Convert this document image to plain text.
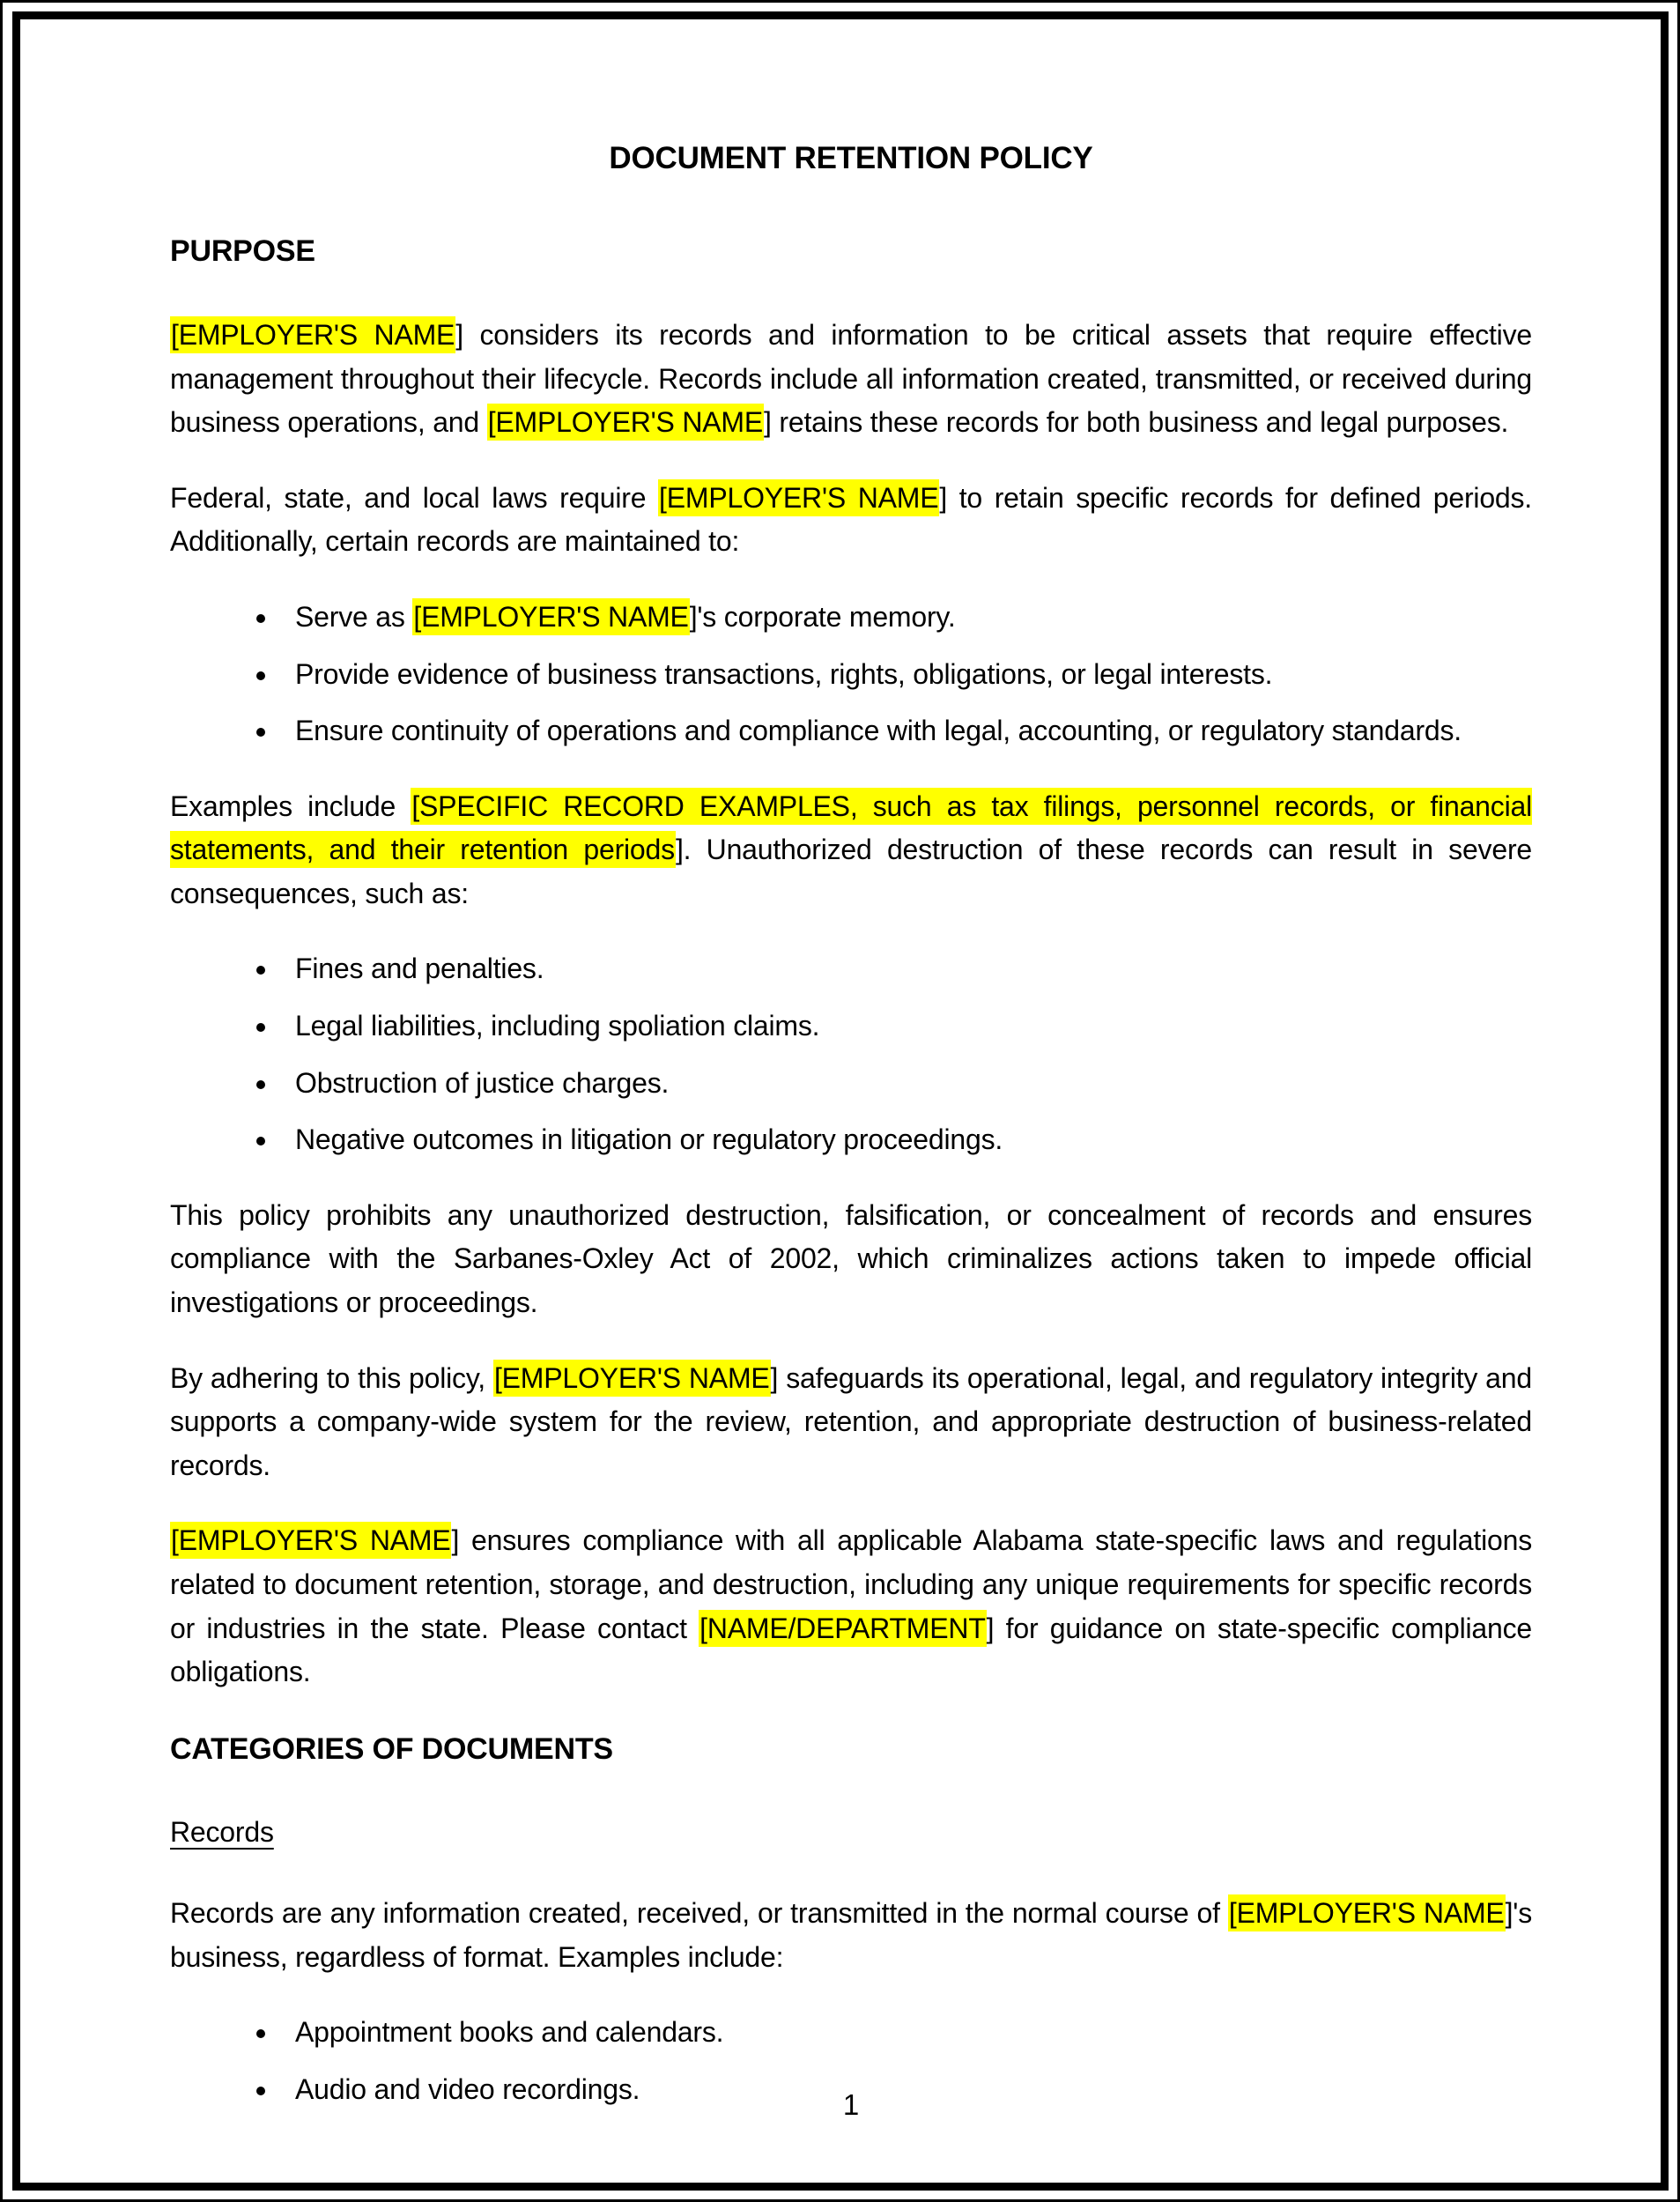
DOCUMENT RETENTION POLICY
PURPOSE
[EMPLOYER'S NAME] considers its records and information to be critical assets that require effective management throughout their lifecycle. Records include all information created, transmitted, or received during business operations, and [EMPLOYER'S NAME] retains these records for both business and legal purposes.
Federal, state, and local laws require [EMPLOYER'S NAME] to retain specific records for defined periods. Additionally, certain records are maintained to:
• Serve as [EMPLOYER'S NAME]'s corporate memory.
• Provide evidence of business transactions, rights, obligations, or legal interests.
• Ensure continuity of operations and compliance with legal, accounting, or regulatory standards.
Examples include [SPECIFIC RECORD EXAMPLES, such as tax filings, personnel records, or financial statements, and their retention periods]. Unauthorized destruction of these records can result in severe consequences, such as:
• Fines and penalties.
• Legal liabilities, including spoliation claims.
• Obstruction of justice charges.
• Negative outcomes in litigation or regulatory proceedings.
This policy prohibits any unauthorized destruction, falsification, or concealment of records and ensures compliance with the Sarbanes-Oxley Act of 2002, which criminalizes actions taken to impede official investigations or proceedings.
By adhering to this policy, [EMPLOYER'S NAME] safeguards its operational, legal, and regulatory integrity and supports a company-wide system for the review, retention, and appropriate destruction of business-related records.
[EMPLOYER'S NAME] ensures compliance with all applicable Alabama state-specific laws and regulations related to document retention, storage, and destruction, including any unique requirements for specific records or industries in the state. Please contact [NAME/DEPARTMENT] for guidance on state-specific compliance obligations.
CATEGORIES OF DOCUMENTS
Records
Records are any information created, received, or transmitted in the normal course of [EMPLOYER'S NAME]'s business, regardless of format. Examples include:
• Appointment books and calendars.
• Audio and video recordings.	1
